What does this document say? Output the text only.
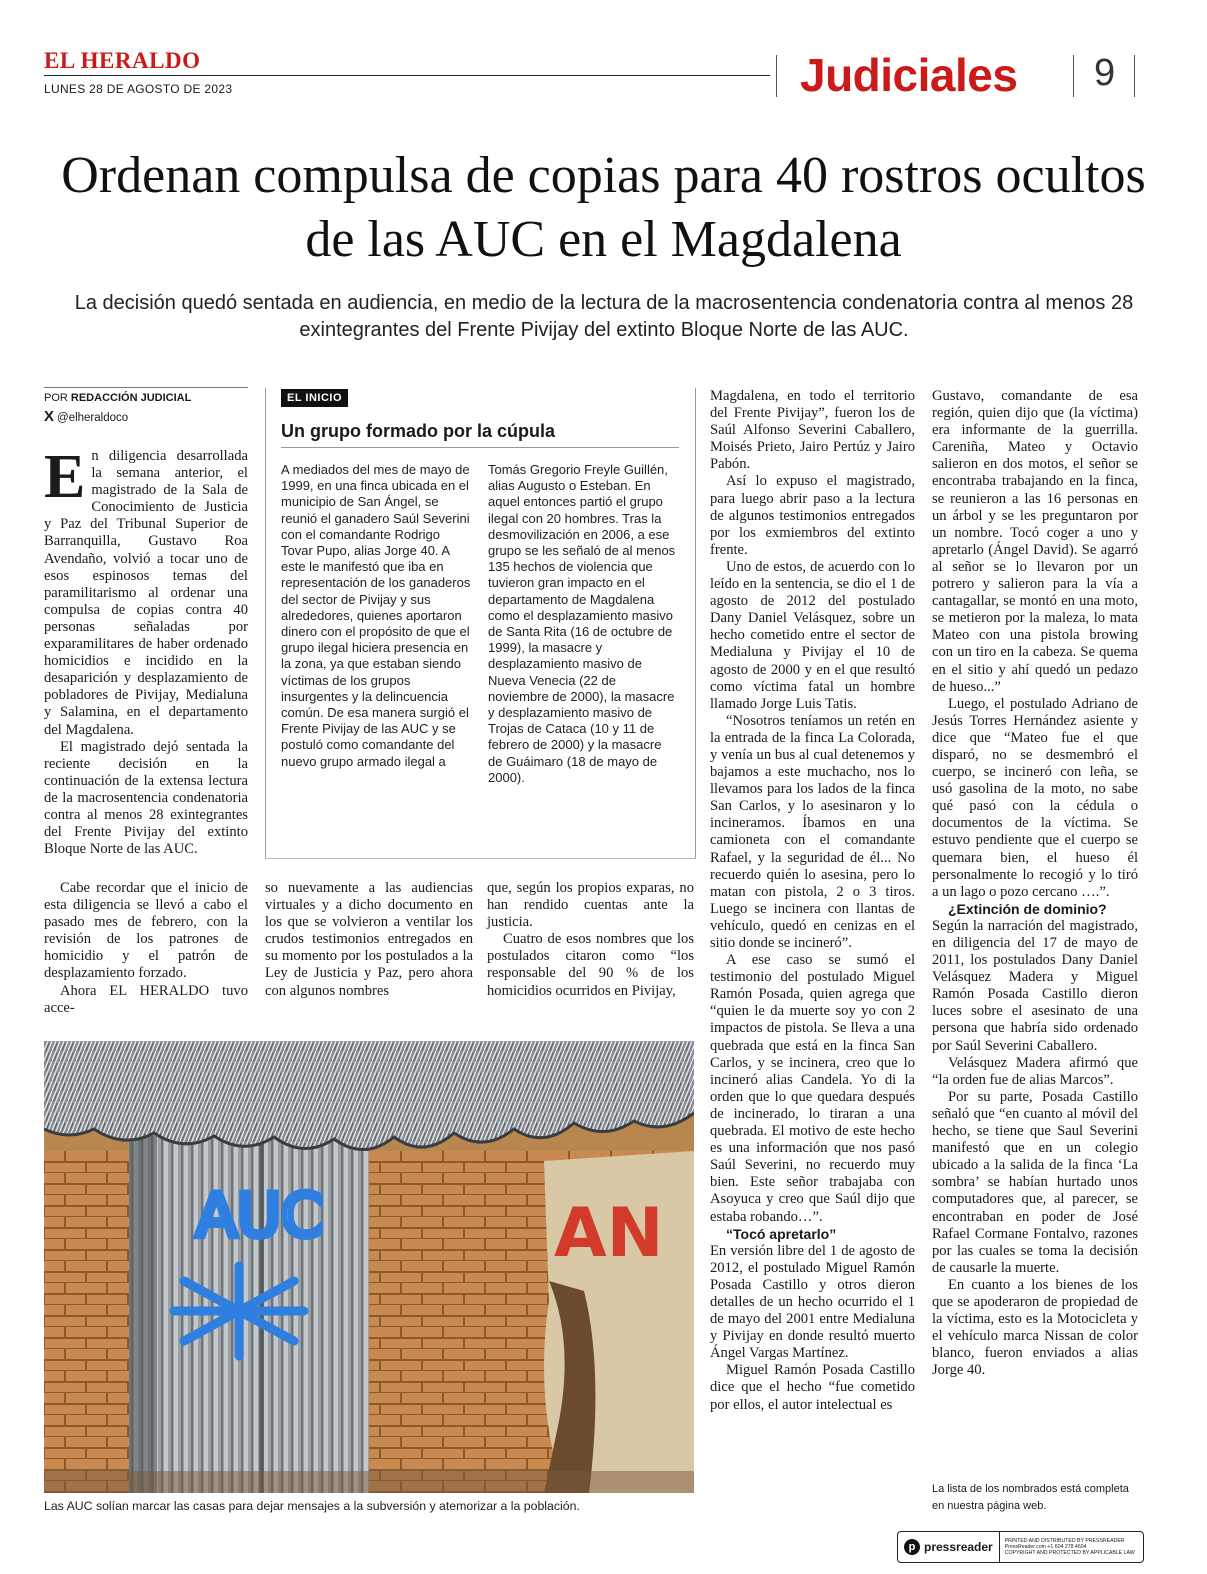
EL HERALDO
LUNES 28 DE AGOSTO DE 2023	Judiciales 9
Ordenan compulsa de copias para 40 rostros ocultos de las AUC en el Magdalena
La decisión quedó sentada en audiencia, en medio de la lectura de la macrosentencia condenatoria contra al menos 28 exintegrantes del Frente Pivijay del extinto Bloque Norte de las AUC.
POR REDACCIÓN JUDICIAL
X @elheraldoco
E n diligencia desarrollada la semana anterior, el magistrado de la Sala de Conocimiento de Justicia y Paz del Tribunal Superior de Barranquilla, Gustavo Roa Avendaño, volvió a tocar uno de esos espinosos temas del paramilitarismo al ordenar una compulsa de copias contra 40 personas señaladas por exparamilitares de haber ordenado homicidios e incidido en la desaparición y desplazamiento de pobladores de Pivijay, Medialuna y Salamina, en el departamento del Magdalena.

El magistrado dejó sentada la reciente decisión en la continuación de la extensa lectura de la macrosentencia condenatoria contra al menos 28 exintegrantes del Frente Pivijay del extinto Bloque Norte de las AUC.

Cabe recordar que el inicio de esta diligencia se llevó a cabo el pasado mes de febrero, con la revisión de los patrones de homicidio y el patrón de desplazamiento forzado.

Ahora EL HERALDO tuvo acce-

EL INICIO
Un grupo formado por la cúpula
A mediados del mes de mayo de 1999, en una finca ubicada en el municipio de San Ángel, se reunió el ganadero Saúl Severini con el comandante Rodrigo Tovar Pupo, alias Jorge 40. A este le manifestó que iba en representación de los ganaderos del sector de Pivijay y sus alrededores, quienes aportaron dinero con el propósito de que el grupo ilegal hiciera presencia en la zona, ya que estaban siendo víctimas de los grupos insurgentes y la delincuencia común. De esa manera surgió el Frente Pivijay de las AUC y se postuló como comandante del nuevo grupo armado ilegal a
Tomás Gregorio Freyle Guillén, alias Augusto o Esteban. En aquel entonces partió el grupo ilegal con 20 hombres. Tras la desmovilización en 2006, a ese grupo se les señaló de al menos 135 hechos de violencia que tuvieron gran impacto en el departamento de Magdalena como el desplazamiento masivo de Santa Rita (16 de octubre de 1999), la masacre y desplazamiento masivo de Nueva Venecia (22 de noviembre de 2000), la masacre y desplazamiento masivo de Trojas de Cataca (10 y 11 de febrero de 2000) y la masacre de Guáimaro (18 de mayo de 2000).

so nuevamente a las audiencias virtuales y a dicho documento en los que se volvieron a ventilar los crudos testimonios entregados en su momento por los postulados a la Ley de Justicia y Paz, pero ahora con algunos nombres

que, según los propios exparas, no han rendido cuentas ante la justicia.

Cuatro de esos nombres que los postulados citaron como “los responsable del 90 % de los homicidios ocurridos en Pivijay,

Magdalena, en todo el territorio del Frente Pivijay”, fueron los de Saúl Alfonso Severini Caballero, Moisés Prieto, Jairo Pertúz y Jairo Pabón.

Así lo expuso el magistrado, para luego abrir paso a la lectura de algunos testimonios entregados por los exmiembros del extinto frente.

Uno de estos, de acuerdo con lo leído en la sentencia, se dio el 1 de agosto de 2012 del postulado Dany Daniel Velásquez, sobre un hecho cometido entre el sector de Medialuna y Pivijay el 10 de agosto de 2000 y en el que resultó como víctima fatal un hombre llamado Jorge Luis Tatis.

“Nosotros teníamos un retén en la entrada de la finca La Colorada, y venía un bus al cual detenemos y bajamos a este muchacho, nos lo llevamos para los lados de la finca San Carlos, y lo asesinaron y lo incineramos. Íbamos en una camioneta con el comandante Rafael, y la seguridad de él... No recuerdo quién lo asesina, pero lo matan con pistola, 2 o 3 tiros. Luego se incinera con llantas de vehículo, quedó en cenizas en el sitio donde se incineró”.

A ese caso se sumó el testimonio del postulado Miguel Ramón Posada, quien agrega que “quien le da muerte soy yo con 2 impactos de pistola. Se lleva a una quebrada que está en la finca San Carlos, y se incinera, creo que lo incineró alias Candela. Yo di la orden que lo que quedara después de incinerado, lo tiraran a una quebrada. El motivo de este hecho es una información que nos pasó Saúl Severini, no recuerdo muy bien. Este señor trabajaba con Asoyuca y creo que Saúl dijo que estaba robando…”.

“Tocó apretarlo”

En versión libre del 1 de agosto de 2012, el postulado Miguel Ramón Posada Castillo y otros dieron detalles de un hecho ocurrido el 1 de mayo del 2001 entre Medialuna y Pivijay en donde resultó muerto Ángel Vargas Martínez.

Miguel Ramón Posada Castillo dice que el hecho “fue cometido por ellos, el autor intelectual es

Gustavo, comandante de esa región, quien dijo que (la víctima) era informante de la guerrilla. Careniña, Mateo y Octavio salieron en dos motos, el señor se encontraba trabajando en la finca, se reunieron a las 16 personas en un árbol y se les preguntaron por un nombre. Tocó coger a uno y apretarlo (Ángel David). Se agarró al señor se lo llevaron por un potrero y salieron para la vía a cantagallar, se montó en una moto, se metieron por la maleza, lo mata Mateo con una pistola browing con un tiro en la cabeza. Se quema en el sitio y ahí quedó un pedazo de hueso...”

Luego, el postulado Adriano de Jesús Torres Hernández asiente y dice que “Mateo fue el que disparó, no se desmembró el cuerpo, se incineró con leña, se usó gasolina de la moto, no sabe qué pasó con la cédula o documentos de la víctima. Se estuvo pendiente que el cuerpo se quemara bien, el hueso él personalmente lo recogió y lo tiró a un lago o pozo cercano ….”.

¿Extinción de dominio?

Según la narración del magistrado, en diligencia del 17 de mayo de 2011, los postulados Dany Daniel Velásquez Madera y Miguel Ramón Posada Castillo dieron luces sobre el asesinato de una persona que habría sido ordenado por Saúl Severini Caballero.

Velásquez Madera afirmó que “la orden fue de alias Marcos”.

Por su parte, Posada Castillo señaló que “en cuanto al móvil del hecho, se tiene que Saul Severini manifestó que en un colegio ubicado a la salida de la finca ‘La sombra’ se habían hurtado unos computadores que, al parecer, se encontraban en poder de José Rafael Cormane Fontalvo, razones por las cuales se toma la decisión de causarle la muerte.

En cuanto a los bienes de los que se apoderaron de propiedad de la víctima, esto es la Motocicleta y el vehículo marca Nissan de color blanco, fueron enviados a alias Jorge 40.

La lista de los nombrados está completa en nuestra página web.
AUC	AN
Las AUC solían marcar las casas para dejar mensajes a la subversión y atemorizar a la población.
p pressreader PRINTED AND DISTRIBUTED BY PRESSREADER
PressReader.com +1 604 278 4604
COPYRIGHT AND PROTECTED BY APPLICABLE LAW
